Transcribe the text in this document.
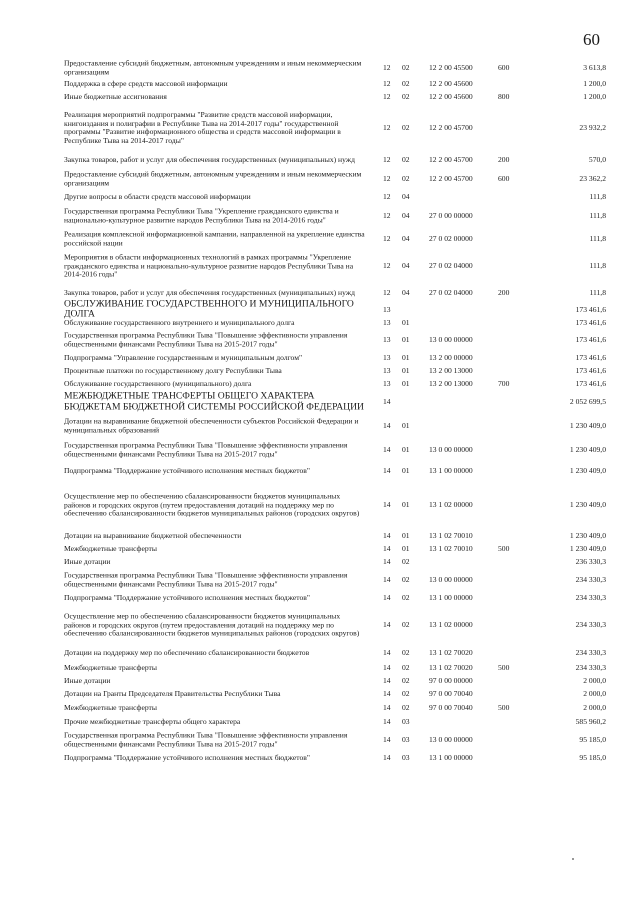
60
Предоставление субсидий бюджетным, автономным учреждениям и иным некоммерческим организациям	12	02	12 2 00 45500	600	3 613,8
Поддержка в сфере средств массовой информации	12	02	12 2 00 45600	1 200,0
Иные бюджетные ассигнования	12	02	12 2 00 45600	800	1 200,0
Реализация мероприятий подпрограммы "Развитие средств массовой информации, книгоиздания и полиграфии в Республике Тыва на 2014-2017 годы" государственной программы "Развитие информационного общества и средств массовой информации в Республике Тыва на 2014-2017 годы"
12	02	12 2 00 45700	23 932,2
Закупка товаров, работ и услуг для обеспечения государственных (муниципальных) нужд	12	02	12 2 00 45700	200	570,0
Предоставление субсидий бюджетным, автономным учреждениям и иным некоммерческим организациям	12	02	12 2 00 45700	600	23 362,2
Другие вопросы в области средств массовой информации	12	04	111,8
Государственная программа Республики Тыва "Укрепление гражданского единства и национально-культурное развитие народов Республики Тыва на 2014-2016 годы"	12	04	27 0 00 00000	111,8
Реализация комплексной информационной кампании, направленной на укрепление единства российской нации	12	04	27 0 02 00000	111,8
Мероприятия в области информационных технологий в рамках программы "Укрепление гражданского единства и национально-культурное развитие народов Республики Тыва на 2014-2016 годы"
12	04	27 0 02 04000	111,8
Закупка товаров, работ и услуг для обеспечения государственных (муниципальных) нужд	12	04	27 0 02 04000	200	111,8
ОБСЛУЖИВАНИЕ ГОСУДАРСТВЕННОГО И МУНИЦИПАЛЬНОГО ДОЛГА	13	173 461,6
Обслуживание государственного внутреннего и муниципального долга	13	01	173 461,6
Государственная программа Республики Тыва "Повышение эффективности управления общественными финансами Республики Тыва на 2015-2017 годы"	13	01	13 0 00 00000	173 461,6
Подпрограмма "Управление государственным и муниципальным долгом"	13	01	13 2 00 00000	173 461,6
Процентные платежи по государственному долгу Республики Тыва	13	01	13 2 00 13000	173 461,6
Обслуживание государственного (муниципального) долга	13	01	13 2 00 13000	700	173 461,6
МЕЖБЮДЖЕТНЫЕ ТРАНСФЕРТЫ ОБЩЕГО ХАРАКТЕРА БЮДЖЕТАМ БЮДЖЕТНОЙ СИСТЕМЫ РОССИЙСКОЙ ФЕДЕРАЦИИ	14	2 052 699,5
Дотации на выравнивание бюджетной обеспеченности субъектов Российской Федерации и муниципальных образований	14	01	1 230 409,0
Государственная программа Республики Тыва "Повышение эффективности управления общественными финансами Республики Тыва на 2015-2017 годы"	14	01	13 0 00 00000	1 230 409,0
Подпрограмма "Поддержание устойчивого исполнения местных бюджетов"	14	01	13 1 00 00000	1 230 409,0
Осуществление мер по обеспечению сбалансированности бюджетов муниципальных районов и городских округов (путем предоставления дотаций на поддержку мер по обеспечению сбалансированности бюджетов муниципальных районов (городских округов)
14	01	13 1 02 00000	1 230 409,0
Дотации на выравнивание бюджетной обеспеченности	14	01	13 1 02 70010	1 230 409,0
Межбюджетные трансферты	14	01	13 1 02 70010	500	1 230 409,0
Иные дотации	14	02	236 330,3
Государственная программа Республики Тыва "Повышение эффективности управления общественными финансами Республики Тыва на 2015-2017 годы"	14	02	13 0 00 00000	234 330,3
Подпрограмма "Поддержание устойчивого исполнения местных бюджетов"	14	02	13 1 00 00000	234 330,3
Осуществление мер по обеспечению сбалансированности бюджетов муниципальных районов и городских округов (путем предоставления дотаций на поддержку мер по обеспечению сбалансированности бюджетов муниципальных районов (городских округов)
14	02	13 1 02 00000	234 330,3
Дотации на поддержку мер по обеспечению сбалансированности бюджетов	14	02	13 1 02 70020	234 330,3
Межбюджетные трансферты	14	02	13 1 02 70020	500	234 330,3
Иные дотации	14	02	97 0 00 00000	2 000,0
Дотации на Гранты Председателя Правительства Республики Тыва	14	02	97 0 00 70040	2 000,0
Межбюджетные трансферты	14	02	97 0 00 70040	500	2 000,0
Прочие межбюджетные трансферты общего характера	14	03	585 960,2
Государственная программа Республики Тыва "Повышение эффективности управления общественными финансами Республики Тыва на 2015-2017 годы"	14	03	13 0 00 00000	95 185,0
Подпрограмма "Поддержание устойчивого исполнения местных бюджетов"	14	03	13 1 00 00000	95 185,0
